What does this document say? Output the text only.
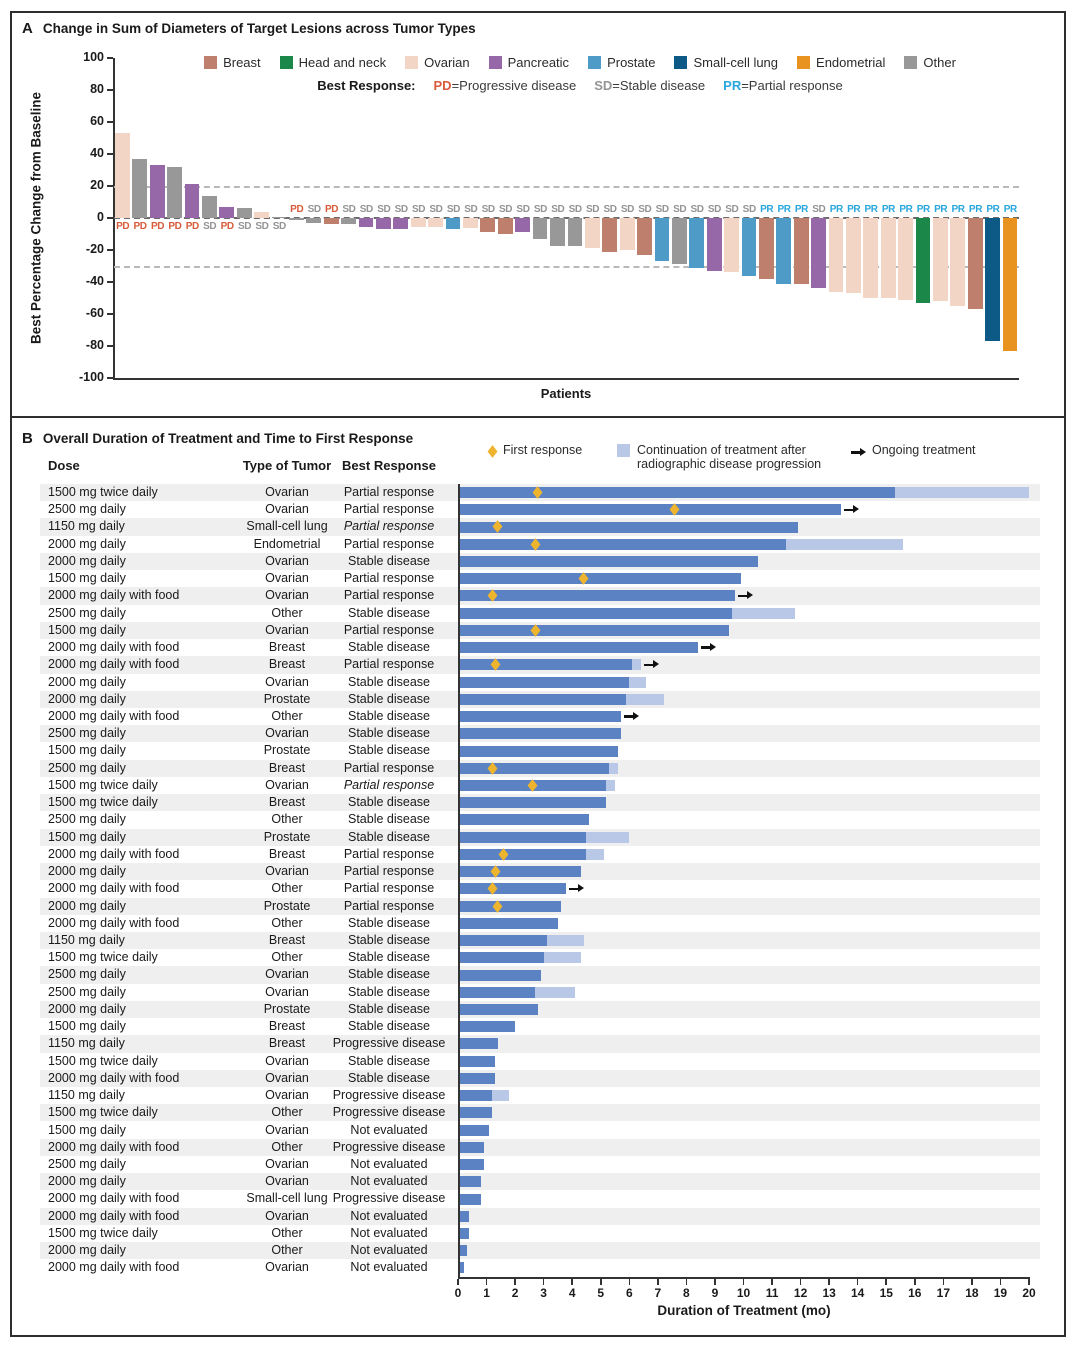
A Change in Sum of Diameters of Target Lesions across Tumor Types
Breast	Head and neck	Ovarian	Pancreatic	Prostate	Small-cell lung	Endometrial	Other
Best Response: PD=Progressive disease SD=Stable disease PR=Partial response
Best Percentage Change from Baseline
100
80
60
40
20
0
-20
-40
-60
-80
-100
PD PD PD PD PD SD PD SD SD SD
PD SD PD SD SD SD SD SD SD SD SD SD SD SD SD SD SD SD SD SD SD SD SD SD SD SD SD PR PR PR SD PR PR PR PR PR PR PR PR PR PR PR
Patients
B Overall Duration of Treatment and Time to First Response
First response	Continuation of treatment after
radiographic disease progression
Ongoing treatment
Dose	Type of Tumor Best Response
1500 mg twice daily	Ovarian	Partial response
2500 mg daily	Ovarian	Partial response
1150 mg daily	Small-cell lung	Partial response
2000 mg daily	Endometrial	Partial response
2000 mg daily	Ovarian	Stable disease
1500 mg daily	Ovarian	Partial response
2000 mg daily with food	Ovarian	Partial response
2500 mg daily	Other	Stable disease
1500 mg daily	Ovarian	Partial response
2000 mg daily with food	Breast	Stable disease
2000 mg daily with food	Breast	Partial response
2000 mg daily	Ovarian	Stable disease
2000 mg daily	Prostate	Stable disease
2000 mg daily with food	Other	Stable disease
2500 mg daily	Ovarian	Stable disease
1500 mg daily	Prostate	Stable disease
2500 mg daily	Breast	Partial response
1500 mg twice daily	Ovarian	Partial response
1500 mg twice daily	Breast	Stable disease
2500 mg daily	Other	Stable disease
1500 mg daily	Prostate	Stable disease
2000 mg daily with food	Breast	Partial response
2000 mg daily	Ovarian	Partial response
2000 mg daily with food	Other	Partial response
2000 mg daily	Prostate	Partial response
2000 mg daily with food	Other	Stable disease
1150 mg daily	Breast	Stable disease
1500 mg twice daily	Other	Stable disease
2500 mg daily	Ovarian	Stable disease
2500 mg daily	Ovarian	Stable disease
2000 mg daily	Prostate	Stable disease
1500 mg daily	Breast	Stable disease
1150 mg daily	Breast	Progressive disease
1500 mg twice daily	Ovarian	Stable disease
2000 mg daily with food	Ovarian	Stable disease
1150 mg daily	Ovarian	Progressive disease
1500 mg twice daily	Other	Progressive disease
1500 mg daily	Ovarian	Not evaluated
2000 mg daily with food	Other	Progressive disease
2500 mg daily	Ovarian	Not evaluated
2000 mg daily	Ovarian	Not evaluated
2000 mg daily with food	Small-cell lung Progressive disease
2000 mg daily with food	Ovarian	Not evaluated
1500 mg twice daily	Other	Not evaluated
2000 mg daily	Other	Not evaluated
2000 mg daily with food	Ovarian	Not evaluated
0	1	2	3	4	5	6	7	8	9	10	11	12	13	14	15	16	17	18	19	20
Duration of Treatment (mo)
